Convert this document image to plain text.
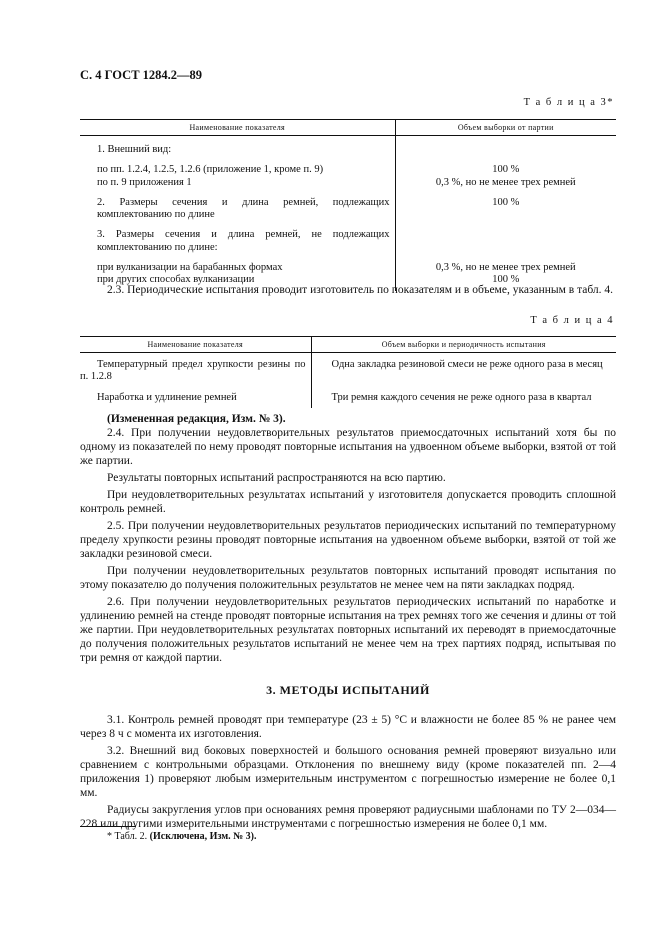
С. 4 ГОСТ 1284.2—89
Т а б л и ц а 3*
Наименование показателя	Объем выборки от партии
1. Внешний вид:	
по пп. 1.2.4, 1.2.5, 1.2.6 (приложение 1, кроме п. 9)	100 %
по п. 9 приложения 1	0,3 %, но не менее трех ремней
2. Размеры сечения и длина ремней, подлежащих комплектованию по длине	100 %
3. Размеры сечения и длина ремней, не подлежащих комплектованию по длине:	
при вулканизации на барабанных формах	0,3 %, но не менее трех ремней
при других способах вулканизации	100 %

2.3. Периодические испытания проводит изготовитель по показателям и в объеме, указанным в табл. 4.

Т а б л и ц а 4
Наименование показателя	Объем выборки и периодичность испытания
Температурный предел хрупкости резины по п. 1.2.8	Одна закладка резиновой смеси не реже одного раза в месяц
Наработка и удлинение ремней	Три ремня каждого сечения не реже одного раза в квартал

(Измененная редакция, Изм. № 3).

2.4. При получении неудовлетворительных результатов приемосдаточных испытаний хотя бы по одному из показателей по нему проводят повторные испытания на удвоенном объеме выборки, взятой от той же партии.

Результаты повторных испытаний распространяются на всю партию.

При неудовлетворительных результатах испытаний у изготовителя допускается проводить сплошной контроль ремней.

2.5. При получении неудовлетворительных результатов периодических испытаний по температурному пределу хрупкости резины проводят повторные испытания на удвоенном объеме выборки, взятой от той же закладки резиновой смеси.

При получении неудовлетворительных результатов повторных испытаний проводят испытания по этому показателю до получения положительных результатов не менее чем на пяти закладках подряд.

2.6. При получении неудовлетворительных результатов периодических испытаний по наработке и удлинению ремней на стенде проводят повторные испытания на трех ремнях того же сечения и длины от той же партии. При неудовлетворительных результатах повторных испытаний их переводят в приемосдаточные до получения положительных результатов испытаний не менее чем на трех партиях подряд, испытывая по три ремня от каждой партии.

3. МЕТОДЫ ИСПЫТАНИЙ

3.1. Контроль ремней проводят при температуре (23 ± 5) °С и влажности не более 85 % не ранее чем через 8 ч с момента их изготовления.

3.2. Внешний вид боковых поверхностей и большого основания ремней проверяют визуально или сравнением с контрольными образцами. Отклонения по внешнему виду (кроме показателей пп. 2—4 приложения 1) проверяют любым измерительным инструментом с погрешностью измерение не более 0,1 мм.

Радиусы закругления углов при основаниях ремня проверяют радиусными шаблонами по ТУ 2—034—228 или другими измерительными инструментами с погрешностью измерения не более 0,1 мм.

* Табл. 2. (Исключена, Изм. № 3).
